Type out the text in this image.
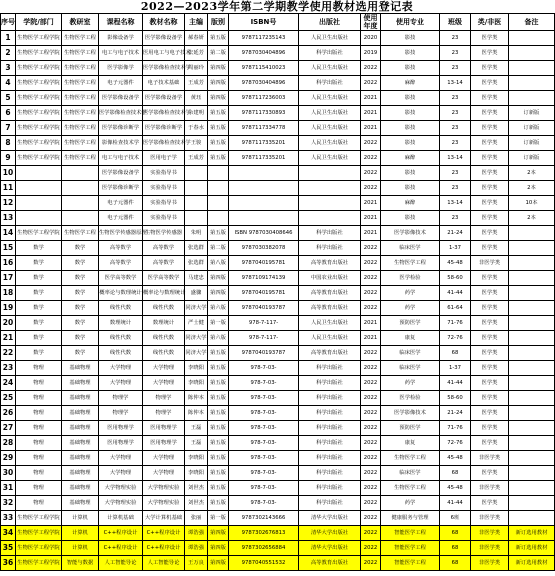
2022—2023学年第二学期教学使用教材选用登记表
序号	学院/部门	教研室	课程名称	教材名称	主编	版别	ISBN号	出版社	使用年度	使用专业	班级	类/非医	备注
1	生物医学工程学院	生物医学工程	影像设备学	医学影像设备学	郝春妍	第五版	9787117235143	人民卫生出版社	2020	影技	23	医学类	
2	生物医学工程学院	生物医学工程	电工与电子技术	医用电工与电子技术	张延芳	第二版	9787030404896	科学出版社	2019	影技	23	医学类	
3	生物医学工程学院	生物医学工程	医学影像学	医学影像检查技术学	周丽玲	第四版	9787115410023	人民卫生出版社	2022	影技	23	医学类	
4	生物医学工程学院	生物医学工程	电子元器件	电子技术基础	王成芳	第四版	9787030404896	科学出版社	2022	麻醉	13-14	医学类	
5	生物医学工程学院	生物医学工程	医学影像设备学	医学影像设备学	黄珏	第四版	9787117236003	人民卫生出版社	2021	影技	23	医学类	
6	生物医学工程学院	生物医学工程	医学影像检查技术学	医学影像检查技术学	余建明	第五版	9787117330893	人民卫生出版社	2021	影技	23	医学类	订新版
7	生物医学工程学院	生物医学工程	医学影像诊断学	医学影像诊断学	于春水	第五版	9787117334778	人民卫生出版社	2021	影技	23	医学类	订新版
8	生物医学工程学院	生物医学工程	影像检查技术学	医学影像检查技术学	王骏	第五版	9787117335201	人民卫生出版社	2022	影技	23	医学类	订新版
9	生物医学工程学院	生物医学工程	电工与电子技术	医用电子学	王成芳	第五版	9787117335201	人民卫生出版社	2022	麻醉	13-14	医学类	订新版
10			医学影像设备学	实验指导书					2022	影技	23	医学类	2本
11			医学影像诊断学	实验指导书					2022	影技	23	医学类	2本
12			电子元器件	实验指导书					2021	麻醉	13-14	医学类	10本
13			电子元器件	实验指导书					2021	影技	23	医学类	2本
14	生物医学工程学院	生物医学工程	生物医学传感器原理	生物医学传感器	朱明	第五版	ISBN 9787030408646	科学出版社	2021	医学影像技术	21-24	医学类	
15	数学	数学	高等数学	高等数学	张选群	第二版	9787030382078	科学出版社	2022	临床医学	1-37	医学类	
16	数学	数学	高等数学	高等数学	张选群	第八版	9787040195781	高等教育出版社	2022	生物医学工程	45-48	非医学类	
17	数学	数学	医学高等数学	医学高等数学	马建忠	第四版	9787109174139	中国农业出版社	2022	医学检验	58-60	医学类	
18	数学	数学	概率论与数理统计	概率论与数理统计	盛骤	第四版	9787040195781	高等教育出版社	2022	药学	41-44	医学类	
19	数学	数学	线性代数	线性代数	同济大学	第六版	9787040193787	高等教育出版社	2022	药学	61-64	医学类	
20	数学	数学	数理统计	数理统计	严士健	第一版	978-7-117-	人民卫生出版社	2021	预防医学	71-76	医学类	
21	数学	数学	线性代数	线性代数	同济大学	第六版	978-7-117-	人民卫生出版社	2021	康复	72-76	医学类	
22	数学	数学	线性代数	线性代数	同济大学	第五版	9787040193787	高等教育出版社	2022	临床医学	68	医学类	
23	物理	基础物理	大学物理	大学物理	李晓阳	第五版	978-7-03-	科学出版社	2022	临床医学	1-37	医学类	
24	物理	基础物理	大学物理	大学物理	李晓阳	第五版	978-7-03-	科学出版社	2022	药学	41-44	医学类	
25	物理	基础物理	物理学	物理学	陈仲本	第五版	978-7-03-	科学出版社	2022	医学检验	58-60	医学类	
26	物理	基础物理	物理学	物理学	陈仲本	第五版	978-7-03-	科学出版社	2022	医学影像技术	21-24	医学类	
27	物理	基础物理	医用物理学	医用物理学	王磊	第五版	978-7-03-	科学出版社	2022	预防医学	71-76	医学类	
28	物理	基础物理	医用物理学	医用物理学	王磊	第五版	978-7-03-	科学出版社	2022	康复	72-76	医学类	
29	物理	基础物理	大学物理	大学物理	李晓阳	第五版	978-7-03-	科学出版社	2022	生物医学工程	45-48	非医学类	
30	物理	基础物理	大学物理	大学物理	李晓阳	第五版	978-7-03-	科学出版社	2022	临床医学	68	医学类	
31	物理	基础物理	大学物理实验	大学物理实验	刘世杰	第五版	978-7-03-	科学出版社	2022	生物医学工程	45-48	非医学类	
32	物理	基础物理	大学物理实验	大学物理实验	刘世杰	第五版	978-7-03-	科学出版社	2022	药学	41-44	医学类	
33	生物医学工程学院	计算机	计算机基础	大学计算机基础	张丽	第一版	9787302143666	清华大学出版社	2022	健康服务与管理	6班	非医学类	
34	生物医学工程学院	计算机	C++程序设计	C++程序设计	谭浩强	第四版	9787302676813	清华大学出版社	2022	智能医学工程	68	非医学类	新订选用教材
35	生物医学工程学院	计算机	C++程序设计	C++程序设计	谭浩强	第四版	9787302656884	清华大学出版社	2022	智能医学工程	68	非医学类	新订选用教材
36	生物医学工程学院	智能与数据	人工智能导论	人工智能导论	王万良	第四版	9787040551532	高等教育出版社	2022	智能医学工程	68	非医学类	新订选用教材
